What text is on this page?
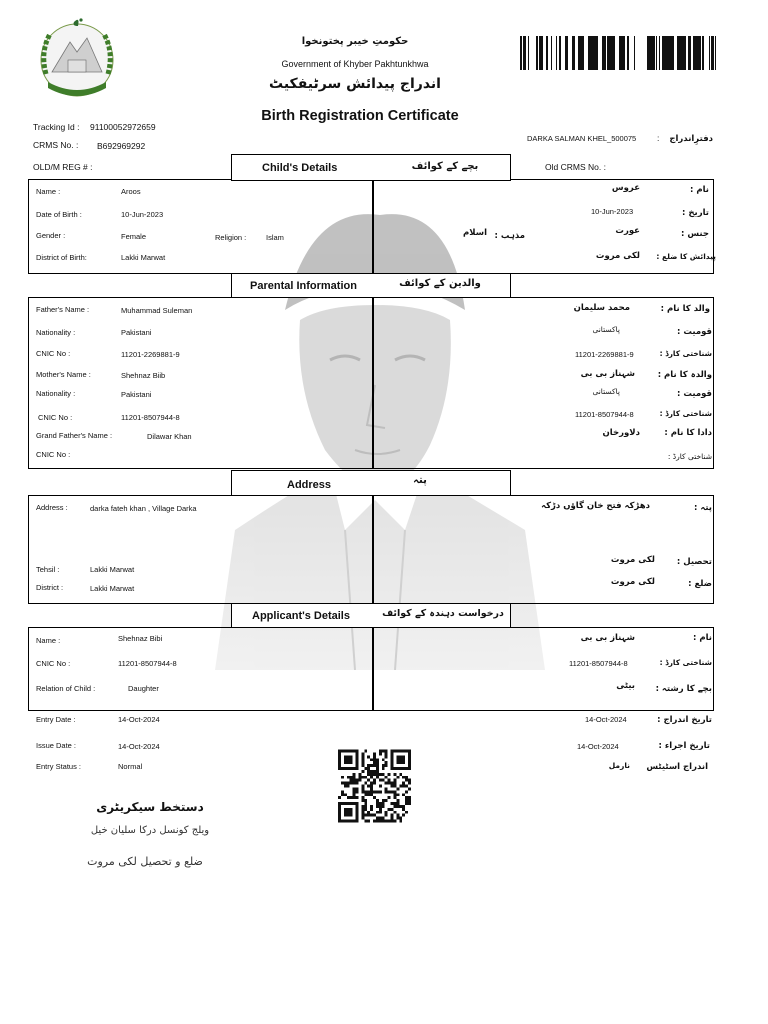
حکومتِ خیبر پختونخوا
Government of Khyber Pakhtunkhwa
اندراج پیدائش سرٹیفکیٹ
Birth Registration Certificate
Tracking Id : 91100052972659
CRMS No. : B692969292
OLD/M REG # :
DARKA SALMAN KHEL_500075 :	دفترِاندراج
Old CRMS No. :
Child's Details	بچے کے کوائف
Name :	Aroos
Date of Birth :	10-Jun-2023
Gender :	Female	Religion :	Islam
District of Birth:	Lakki Marwat
نام :
عروس
تاریخ :
10-Jun-2023
جنس :
عورت
مذہب :
اسلام
پیدائش کا ضلع :
لکی مروت
Parental Information	والدین کے کوائف
Father's Name :	Muhammad Suleman
Nationality :	Pakistani
CNIC No :	11201-2269881-9
Mother's Name :	Shehnaz Biib
Nationality :	Pakistani
CNIC No :	11201-8507944-8
Grand Father's Name :	Dilawar Khan
CNIC No :
والد کا نام :
محمد سلیمان
قومیت :
پاکستانی
شناختی کارڈ :
11201-2269881-9
والدہ کا نام :
شہناز بی بی
قومیت :
پاکستانی
شناختی کارڈ :
11201-8507944-8
دادا کا نام :
دلاورخان
شناختی کارڈ :
Address	پتہ
Address :	darka fateh khan , Village Darka
Tehsil :	Lakki Marwat
District :	Lakki Marwat
پتہ :
دھڑکہ فتح خان گاؤں دڑکہ
تحصیل :
لکی مروت
ضلع :
لکی مروت
Applicant's Details	درخواست دہندہ کے کوائف
Name :	Shehnaz Bibi
CNIC No :	11201-8507944-8
Relation of Child :	Daughter
نام :
شہناز بی بی
شناختی کارڈ :
11201-8507944-8
بچے کا رشتہ :
بیٹی
Entry Date :	14-Oct-2024
Issue Date :	14-Oct-2024
Entry Status :	Normal
تاریخ اندراج :
14-Oct-2024
تاریخ اجراء :
14-Oct-2024
اندراج اسٹیٹس
نارمل
دستخط سیکریٹری
ویلج کونسل درکا سلیان خیل
ضلع و تحصیل لکی مروت
